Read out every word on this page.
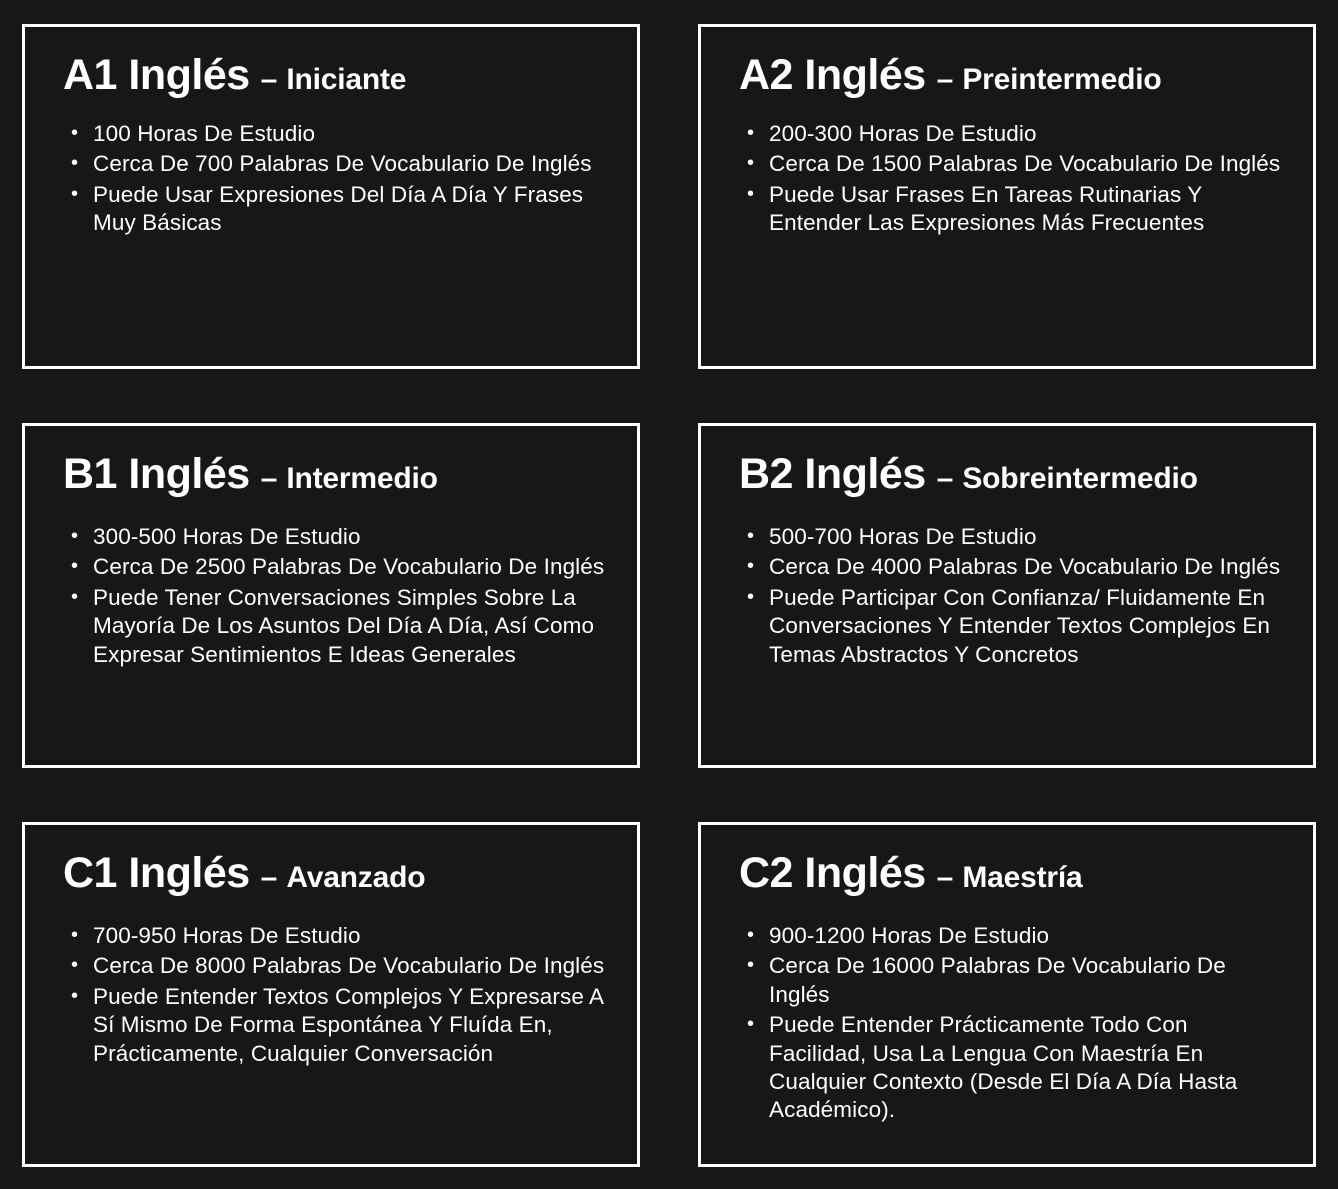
A1 Inglés – Iniciante
• 100 Horas De Estudio
• Cerca De 700 Palabras De Vocabulario De Inglés
• Puede Usar Expresiones Del Día A Día Y Frases Muy Básicas
A2 Inglés – Preintermedio
• 200-300 Horas De Estudio
• Cerca De 1500 Palabras De Vocabulario De Inglés
• Puede Usar Frases En Tareas Rutinarias Y Entender Las Expresiones Más Frecuentes
B1 Inglés – Intermedio
• 300-500 Horas De Estudio
• Cerca De 2500 Palabras De Vocabulario De Inglés
• Puede Tener Conversaciones Simples Sobre La Mayoría De Los Asuntos Del Día A Día, Así Como Expresar Sentimientos E Ideas Generales
B2 Inglés – Sobreintermedio
• 500-700 Horas De Estudio
• Cerca De 4000 Palabras De Vocabulario De Inglés
• Puede Participar Con Confianza/ Fluidamente En Conversaciones Y Entender Textos Complejos En Temas Abstractos Y Concretos
C1 Inglés – Avanzado
• 700-950 Horas De Estudio
• Cerca De 8000 Palabras De Vocabulario De Inglés
• Puede Entender Textos Complejos Y Expresarse A Sí Mismo De Forma Espontánea Y Fluída En, Prácticamente, Cualquier Conversación
C2 Inglés – Maestría
• 900-1200 Horas De Estudio
• Cerca De 16000 Palabras De Vocabulario De Inglés
• Puede Entender Prácticamente Todo Con Facilidad, Usa La Lengua Con Maestría En Cualquier Contexto (Desde El Día A Día Hasta Académico).
